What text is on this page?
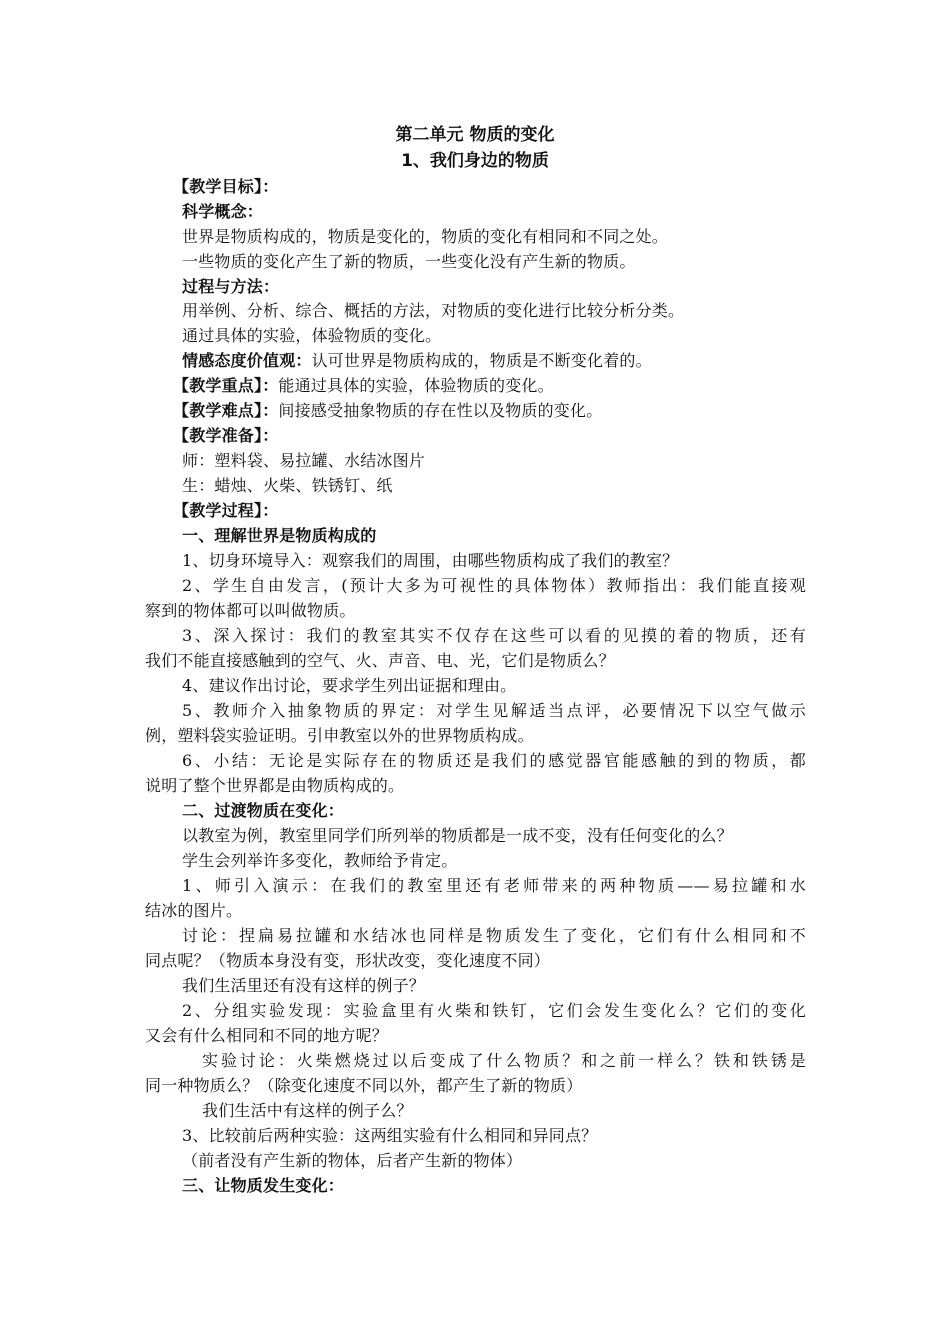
第二单元 物质的变化
1、我们身边的物质
【教学目标】：
科学概念：
世界是物质构成的，物质是变化的，物质的变化有相同和不同之处。
一些物质的变化产生了新的物质，一些变化没有产生新的物质。
过程与方法：
用举例、分析、综合、概括的方法，对物质的变化进行比较分析分类。
通过具体的实验，体验物质的变化。
情感态度价值观：认可世界是物质构成的，物质是不断变化着的。
【教学重点】：能通过具体的实验，体验物质的变化。
【教学难点】：间接感受抽象物质的存在性以及物质的变化。
【教学准备】：
师：塑料袋、易拉罐、水结冰图片
生：蜡烛、火柴、铁锈钉、纸
【教学过程】：
一、理解世界是物质构成的
1、切身环境导入：观察我们的周围，由哪些物质构成了我们的教室？
2、学生自由发言，(预计大多为可视性的具体物体）教师指出：我们能直接观
察到的物体都可以叫做物质。
3、深入探讨：我们的教室其实不仅存在这些可以看的见摸的着的物质，还有
我们不能直接感触到的空气、火、声音、电、光，它们是物质么？
4、建议作出讨论，要求学生列出证据和理由。
5、教师介入抽象物质的界定：对学生见解适当点评，必要情况下以空气做示
例，塑料袋实验证明。引申教室以外的世界物质构成。
6、小结：无论是实际存在的物质还是我们的感觉器官能感触的到的物质，都
说明了整个世界都是由物质构成的。
二、过渡物质在变化：
以教室为例，教室里同学们所列举的物质都是一成不变，没有任何变化的么？
学生会列举许多变化，教师给予肯定。
1、师引入演示：在我们的教室里还有老师带来的两种物质——易拉罐和水
结冰的图片。
讨论：捏扁易拉罐和水结冰也同样是物质发生了变化，它们有什么相同和不
同点呢？（物质本身没有变，形状改变，变化速度不同）
我们生活里还有没有这样的例子？
2、分组实验发现：实验盒里有火柴和铁钉，它们会发生变化么？它们的变化
又会有什么相同和不同的地方呢？
实验讨论：火柴燃烧过以后变成了什么物质？和之前一样么？铁和铁锈是
同一种物质么？（除变化速度不同以外，都产生了新的物质）
我们生活中有这样的例子么？
3、比较前后两种实验：这两组实验有什么相同和异同点？
（前者没有产生新的物体，后者产生新的物体）
三、让物质发生变化：
